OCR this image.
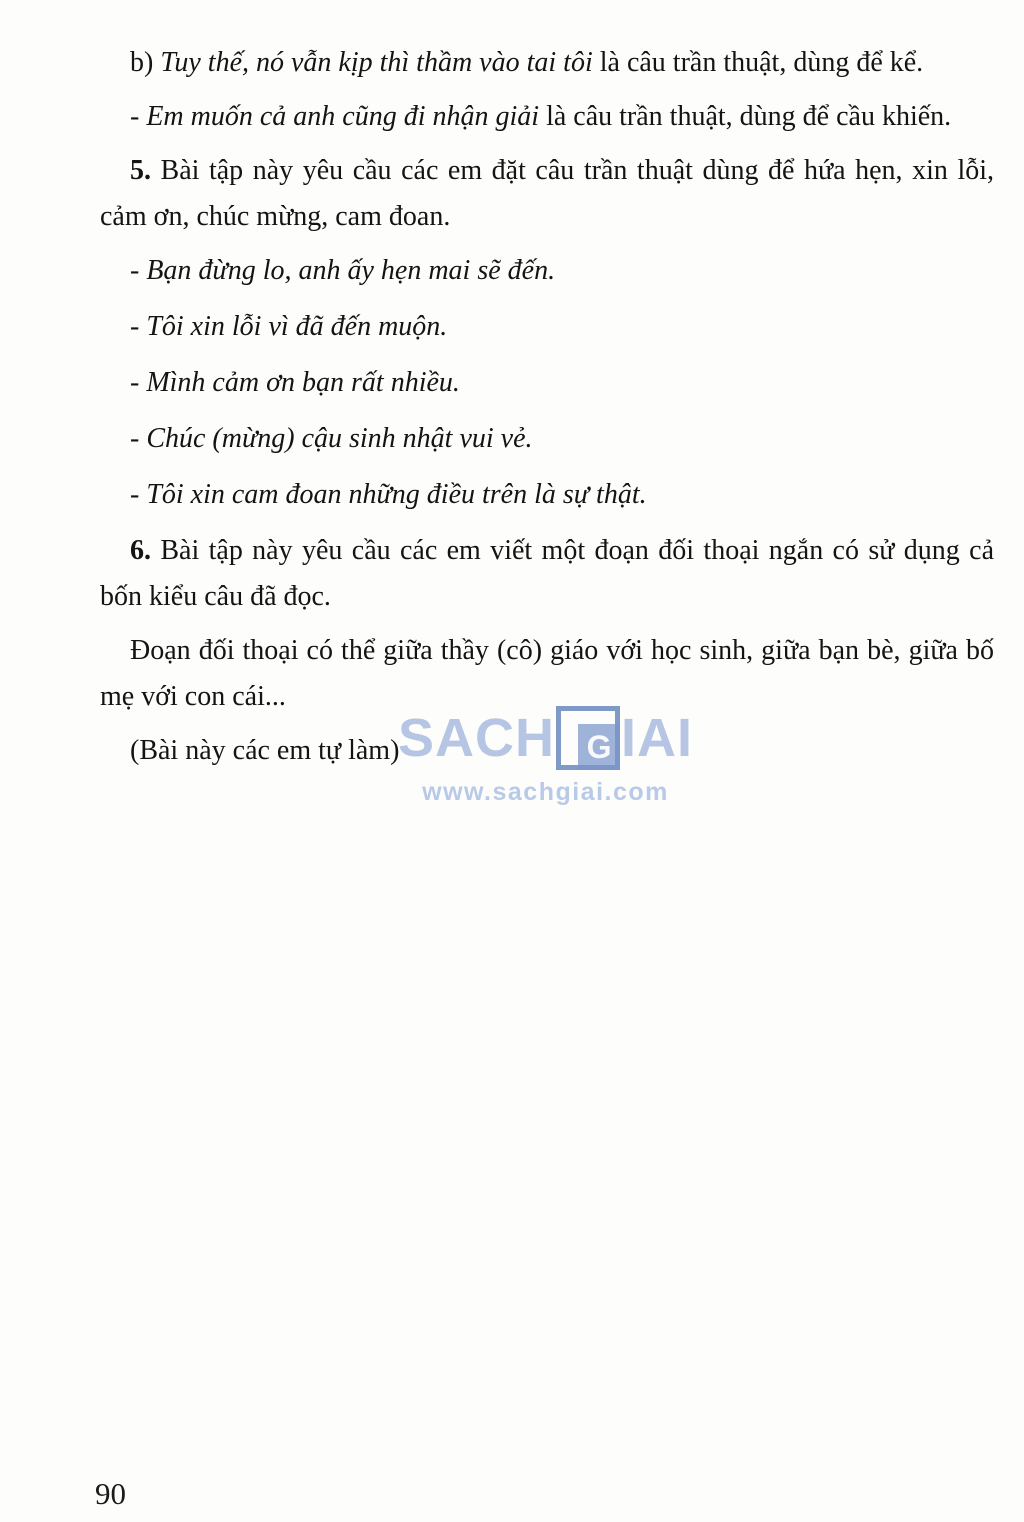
b) Tuy thế, nó vẫn kịp thì thầm vào tai tôi là câu trần thuật, dùng để kể.

- Em muốn cả anh cũng đi nhận giải là câu trần thuật, dùng để cầu khiến.

5. Bài tập này yêu cầu các em đặt câu trần thuật dùng để hứa hẹn, xin lỗi, cảm ơn, chúc mừng, cam đoan.

- Bạn đừng lo, anh ấy hẹn mai sẽ đến.

- Tôi xin lỗi vì đã đến muộn.

- Mình cảm ơn bạn rất nhiều.

- Chúc (mừng) cậu sinh nhật vui vẻ.

- Tôi xin cam đoan những điều trên là sự thật.

6. Bài tập này yêu cầu các em viết một đoạn đối thoại ngắn có sử dụng cả bốn kiểu câu đã đọc.

Đoạn đối thoại có thể giữa thầy (cô) giáo với học sinh, giữa bạn bè, giữa bố mẹ với con cái...

(Bài này các em tự làm)

SACH G IAI
www.sachgiai.com
90
